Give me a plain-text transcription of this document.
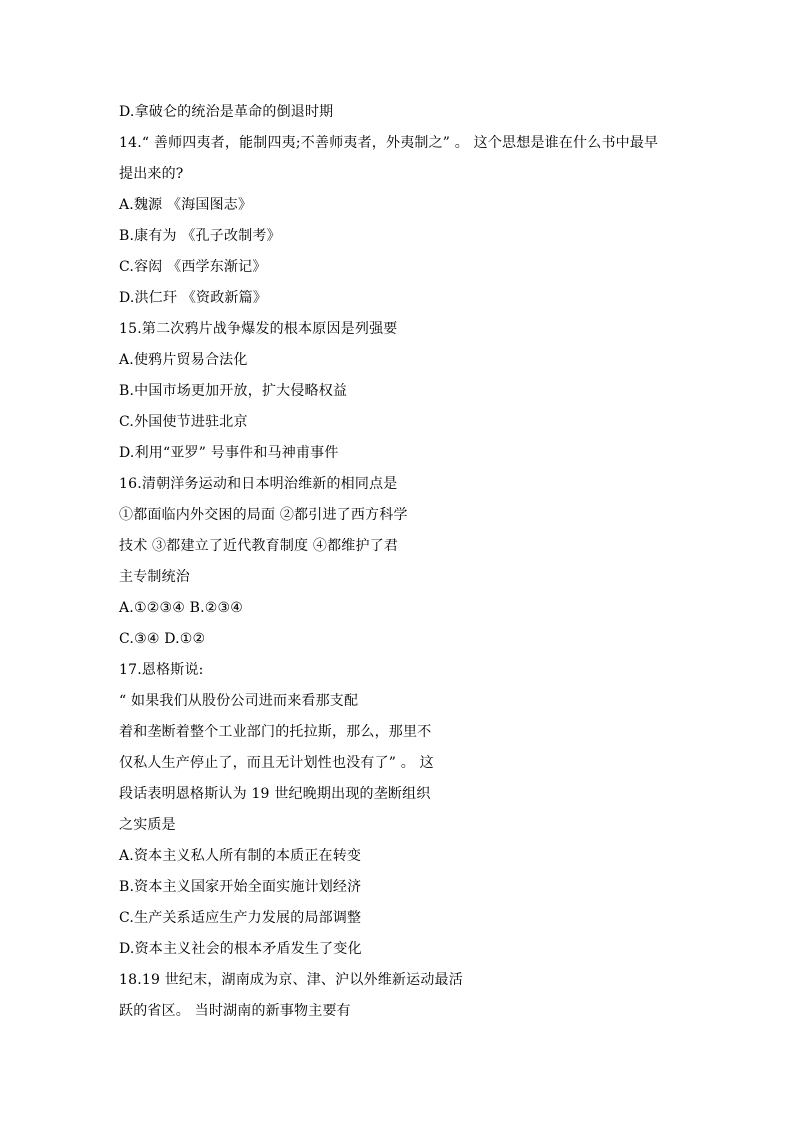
D.拿破仑的统治是革命的倒退时期
14.“ 善师四夷者，能制四夷;不善师夷者，外夷制之” 。 这个思想是谁在什么书中最早
提出来的?
A.魏源 《海国图志》
B.康有为 《孔子改制考》
C.容闳 《西学东渐记》
D.洪仁玕 《资政新篇》
15.第二次鸦片战争爆发的根本原因是列强要
A.使鸦片贸易合法化
B.中国市场更加开放，扩大侵略权益
C.外国使节进驻北京
D.利用“亚罗” 号事件和马神甫事件
16.清朝洋务运动和日本明治维新的相同点是
①都面临内外交困的局面 ②都引进了西方科学
技术 ③都建立了近代教育制度 ④都维护了君
主专制统治
A.①②③④ B.②③④
C.③④ D.①②
17.恩格斯说:
“ 如果我们从股份公司进而来看那支配
着和垄断着整个工业部门的托拉斯，那么，那里不
仅私人生产停止了，而且无计划性也没有了” 。 这
段话表明恩格斯认为 19 世纪晚期出现的垄断组织
之实质是
A.资本主义私人所有制的本质正在转变
B.资本主义国家开始全面实施计划经济
C.生产关系适应生产力发展的局部调整
D.资本主义社会的根本矛盾发生了变化
18.19 世纪末，湖南成为京、津、沪以外维新运动最活
跃的省区。 当时湖南的新事物主要有
